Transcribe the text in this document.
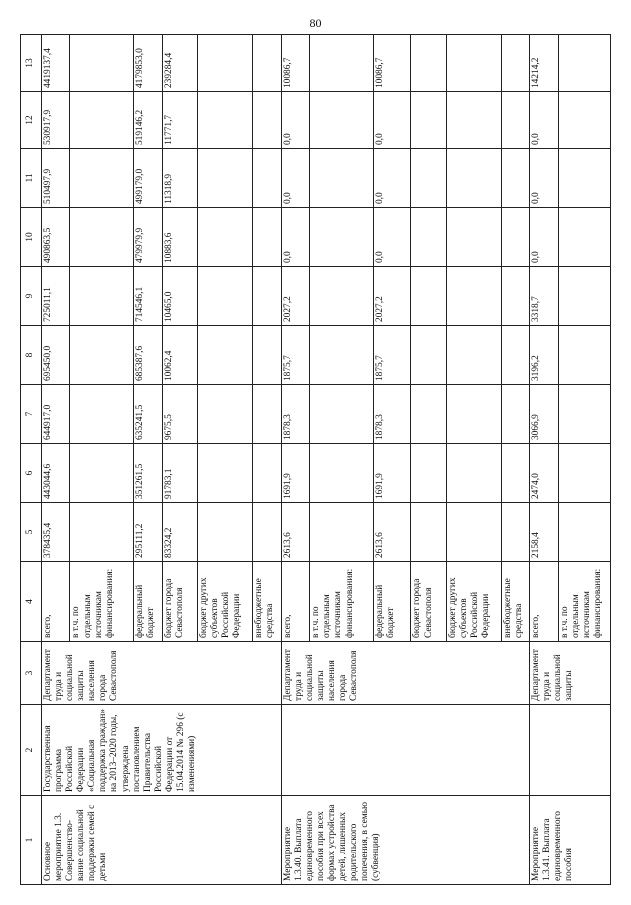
80
1	2	3	4	5	6	7	8	9	10	11	12	13
Основное мероприятие 1.3. Совершенство-вание социальной поддержки семей с детьми	Государственная программа Российской Федерации «Социальная поддержка граждан» на 2013–2020 годы, утверждена постановлением Правительства Российской Федерации от 15.04.2014 № 296 (с изменениями)	Департамент труда и социальной защиты населения города Севастополя	всего,	378435,4	443044,6	644917,0	695450,0	725011,1	490863,5	510497,9	530917,9	4419137,4
			в т.ч. по отдельным источникам финансирования:									
			федеральный бюджет	295111,2	351261,5	635241,5	685387,6	714546,1	479979,9	499179,0	519146,2	4179853,0
			бюджет города Севастополя	83324,2	91783,1	9675,5	10062,4	10465,0	10883,6	11318,9	11771,7	239284,4
			бюджет других субъектов Российской Федерации									
			внебюджетные средства									
Мероприятие 1.3.40. Выплата единовременного пособия при всех формах устройства детей, лишенных родительского попечения, в семью (субвенция)		Департамент труда и социальной защиты населения города Севастополя	всего,	2613,6	1691,9	1878,3	1875,7	2027,2	0,0	0,0	0,0	10086,7
			в т.ч. по отдельным источникам финансирования:									
			федеральный бюджет	2613,6	1691,9	1878,3	1875,7	2027,2	0,0	0,0	0,0	10086,7
			бюджет города Севастополя									
			бюджет других субъектов Российской Федерации									
			внебюджетные средства									
Мероприятие 1.3.41. Выплата единовременного пособия		Департамент труда и социальной защиты	всего,	2158,4	2474,0	3066,9	3196,2	3318,7	0,0	0,0	0,0	14214,2
			в т.ч. по отдельным источникам финансирования:									
